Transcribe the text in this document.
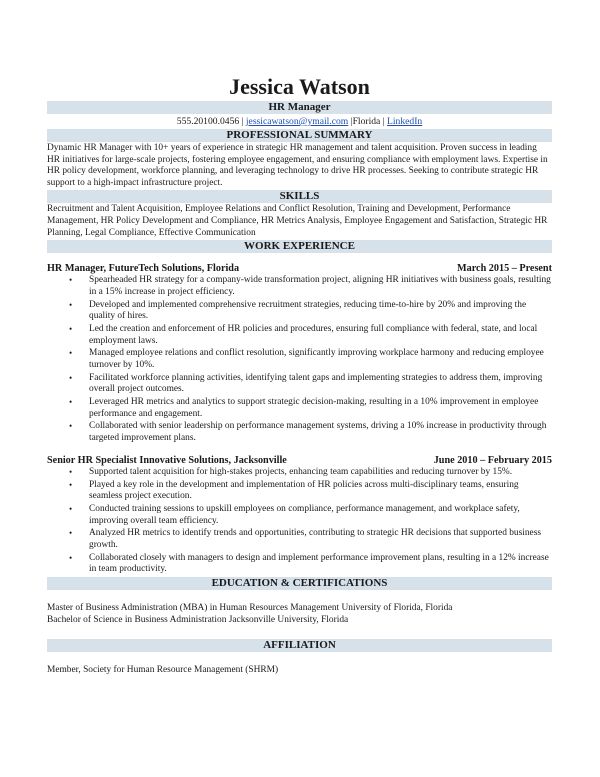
Jessica Watson
HR Manager
555.20100.0456 | jessicawatson@ymail.com |Florida | LinkedIn
PROFESSIONAL SUMMARY

Dynamic HR Manager with 10+ years of experience in strategic HR management and talent acquisition. Proven success in leading HR initiatives for large-scale projects, fostering employee engagement, and ensuring compliance with employment laws. Expertise in HR policy development, workforce planning, and leveraging technology to drive HR processes. Seeking to contribute strategic HR support to a high-impact infrastructure project.

SKILLS

Recruitment and Talent Acquisition, Employee Relations and Conflict Resolution, Training and Development, Performance Management, HR Policy Development and Compliance, HR Metrics Analysis, Employee Engagement and Satisfaction, Strategic HR Planning, Legal Compliance, Effective Communication

WORK EXPERIENCE
HR Manager, FutureTech Solutions, Florida	March 2015 – Present
• Spearheaded HR strategy for a company-wide transformation project, aligning HR initiatives with business goals, resulting in a 15% increase in project efficiency.
• Developed and implemented comprehensive recruitment strategies, reducing time-to-hire by 20% and improving the quality of hires.
• Led the creation and enforcement of HR policies and procedures, ensuring full compliance with federal, state, and local employment laws.
• Managed employee relations and conflict resolution, significantly improving workplace harmony and reducing employee turnover by 10%.
• Facilitated workforce planning activities, identifying talent gaps and implementing strategies to address them, improving overall project outcomes.
• Leveraged HR metrics and analytics to support strategic decision-making, resulting in a 10% improvement in employee performance and engagement.
• Collaborated with senior leadership on performance management systems, driving a 10% increase in productivity through targeted improvement plans.
Senior HR Specialist Innovative Solutions, Jacksonville	June 2010 – February 2015
• Supported talent acquisition for high-stakes projects, enhancing team capabilities and reducing turnover by 15%.
• Played a key role in the development and implementation of HR policies across multi-disciplinary teams, ensuring seamless project execution.
• Conducted training sessions to upskill employees on compliance, performance management, and workplace safety, improving overall team efficiency.
• Analyzed HR metrics to identify trends and opportunities, contributing to strategic HR decisions that supported business growth.
• Collaborated closely with managers to design and implement performance improvement plans, resulting in a 12% increase in team productivity.
EDUCATION & CERTIFICATIONS

Master of Business Administration (MBA) in Human Resources Management University of Florida, Florida

Bachelor of Science in Business Administration Jacksonville University, Florida

AFFILIATION

Member, Society for Human Resource Management (SHRM)
